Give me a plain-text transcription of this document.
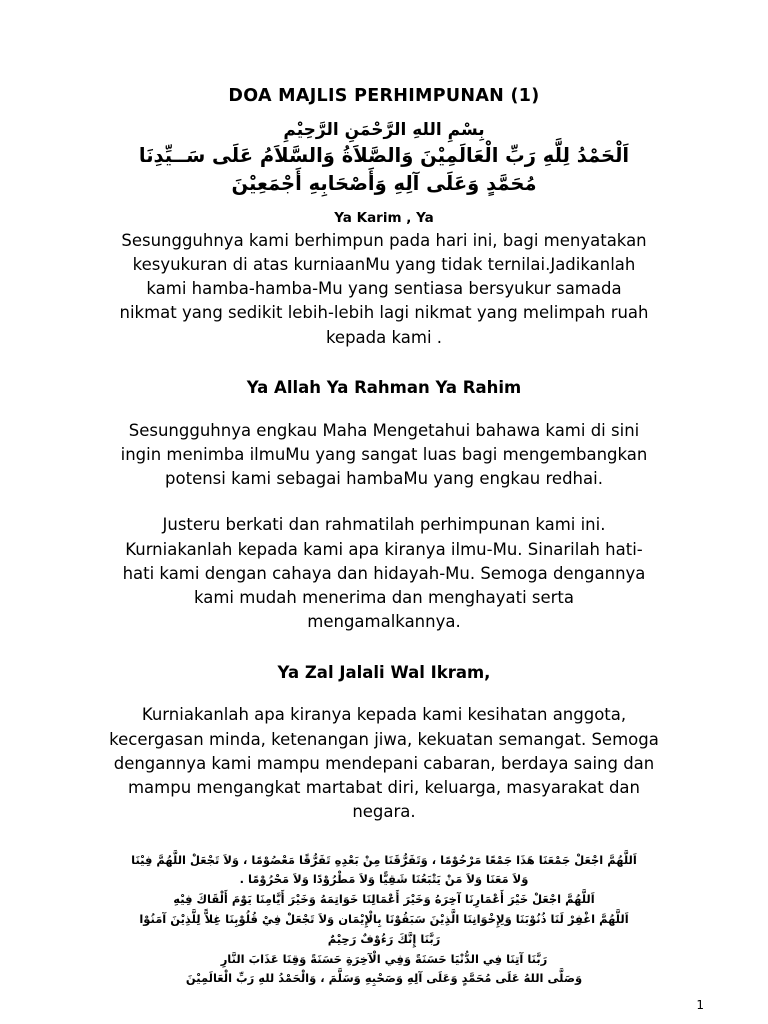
DOA MAJLIS PERHIMPUNAN (1)
بِسْمِ اللهِ الرَّحْمَنِ الرَّحِيْمِ
اَلْحَمْدُ لِلَّهِ رَبِّ الْعَالَمِيْنَ وَالصَّلاَةُ وَالسَّلاَمُ عَلَى سَــيِّدِنَا
مُحَمَّدٍ وَعَلَى آلِهِ وَأَصْحَابِهِ أَجْمَعِيْنَ

Ya Karim , Ya

Sesungguhnya kami berhimpun pada hari ini, bagi menyatakan kesyukuran di atas kurniaanMu yang tidak ternilai.Jadikanlah kami hamba-hamba-Mu yang sentiasa bersyukur samada nikmat yang sedikit lebih-lebih lagi nikmat yang melimpah ruah kepada kami .

Ya Allah Ya Rahman Ya Rahim

Sesungguhnya engkau Maha Mengetahui bahawa kami di sini ingin menimba ilmuMu yang sangat luas bagi mengembangkan potensi kami sebagai hambaMu yang engkau redhai.

Justeru berkati dan rahmatilah perhimpunan kami ini. Kurniakanlah kepada kami apa kiranya ilmu-Mu. Sinarilah hati-hati kami dengan cahaya dan hidayah-Mu. Semoga dengannya kami mudah menerima dan menghayati serta mengamalkannya.

Ya Zal Jalali Wal Ikram,

Kurniakanlah apa kiranya kepada kami kesihatan anggota, kecergasan minda, ketenangan jiwa, kekuatan semangat. Semoga dengannya kami mampu mendepani cabaran, berdaya saing dan mampu mengangkat martabat diri, keluarga, masyarakat dan negara.

اَللَّهُمَّ اجْعَلْ جَمْعَنَا هَذَا جَمْعًا مَرْحُوْمًا ، وَتَفَرُّقَنَا مِنْ بَعْدِهِ تَفَرُّقًا مَعْصُوْمًا ، وَلاَ تَجْعَلْ اللَّهُمَّ فِيْنَا
وَلاَ مَعَنَا وَلاَ مَنْ يَتْبَعُنَا شَقِيًّا وَلاَ مَطْرُوْدًا وَلاَ مَحْرُوْمًا .
اَللَّهُمَّ اجْعَلْ خَيْرَ أَعْمَارِنَا آخِرَهُ وَخَيْرَ أَعْمَالِنَا خَوَاتِمَهُ وَخَيْرَ أَيَّامِنَا يَوْمَ أَلْقَاكَ فِيْهِ
اَللَّهُمَّ اغْفِرْ لَنَا ذُنُوْبَنَا وَلِإِخْوَانِنَا الَّذِيْنَ سَبَقُوْنَا بِالْإِيْمَان وَلاَ تَجْعَلْ فِيْ قُلُوْبِنَا غِلاًّ لِلَّذِيْنَ آمَنُوْا
رَبَّنَا إِنَّكَ رَءُوْفٌ رَحِيْمٌ
رَبَّنَا آتِنَا فِي الدُّنْيَا حَسَنَةً وَفِي الْآخِرَةِ حَسَنَةً وَقِنَا عَذَابَ النَّارِ
وَصَلَّى اللهُ عَلَى مُحَمَّدٍ وَعَلَى آلِهِ وَصَحْبِهِ وَسَلَّمَ ، وَالْحَمْدُ للهِ رَبِّ الْعَالَمِيْنَ
1
